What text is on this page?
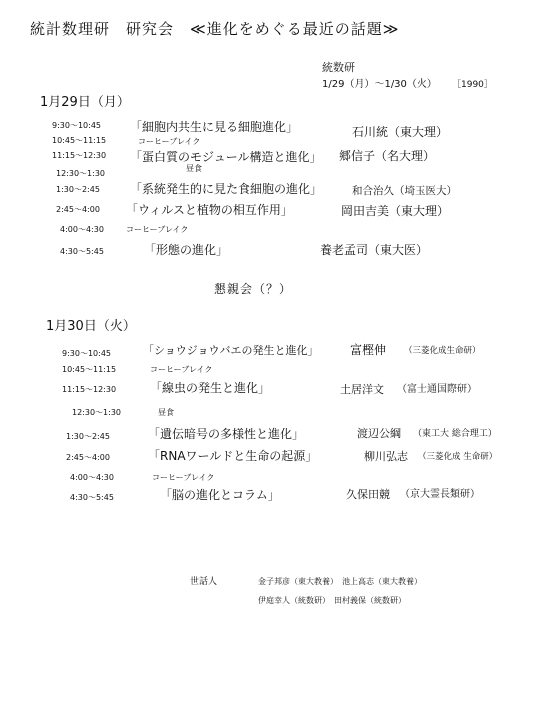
統計数理研　研究会　≪進化をめぐる最近の話題≫
統数研
1/29（月）〜1/30（火） ［1990］
1月29日（月）
9:30〜10:45 「細胞内共生に見る細胞進化」	石川統（東大理）
10:45〜11:15	コーヒーブレイク
11:15〜12:30 「蛋白質のモジュール構造と進化」 郷信子（名大理）
12:30〜1:30
昼食
1:30〜2:45	「系統発生的に見た食細胞の進化」	和合治久（埼玉医大）
2:45〜4:00 「ウィルスと植物の相互作用」	岡田吉美（東大理）
4:00〜4:30	コーヒーブレイク
4:30〜5:45	「形態の進化」	養老孟司（東大医）
懇親会（？）
1月30日（火）
9:30〜10:45	「ショウジョウバエの発生と進化」	富樫伸 （三菱化成生命研）
10:45〜11:15	コーヒーブレイク
11:15〜12:30	「線虫の発生と進化」	土居洋文 （富士通国際研）
12:30〜1:30	昼食
1:30〜2:45	「遺伝暗号の多様性と進化」	渡辺公綱 （東工大 総合理工）
2:45〜4:00	「RNAワールドと生命の起源」	柳川弘志 （三菱化成 生命研）
4:00〜4:30	コーヒーブレイク
4:30〜5:45	「脳の進化とコラム」	久保田競 （京大霊長類研）
世話人	金子邦彦（東大教養）　池上高志（東大教養）
伊庭幸人（統数研）　田村義保（統数研）
